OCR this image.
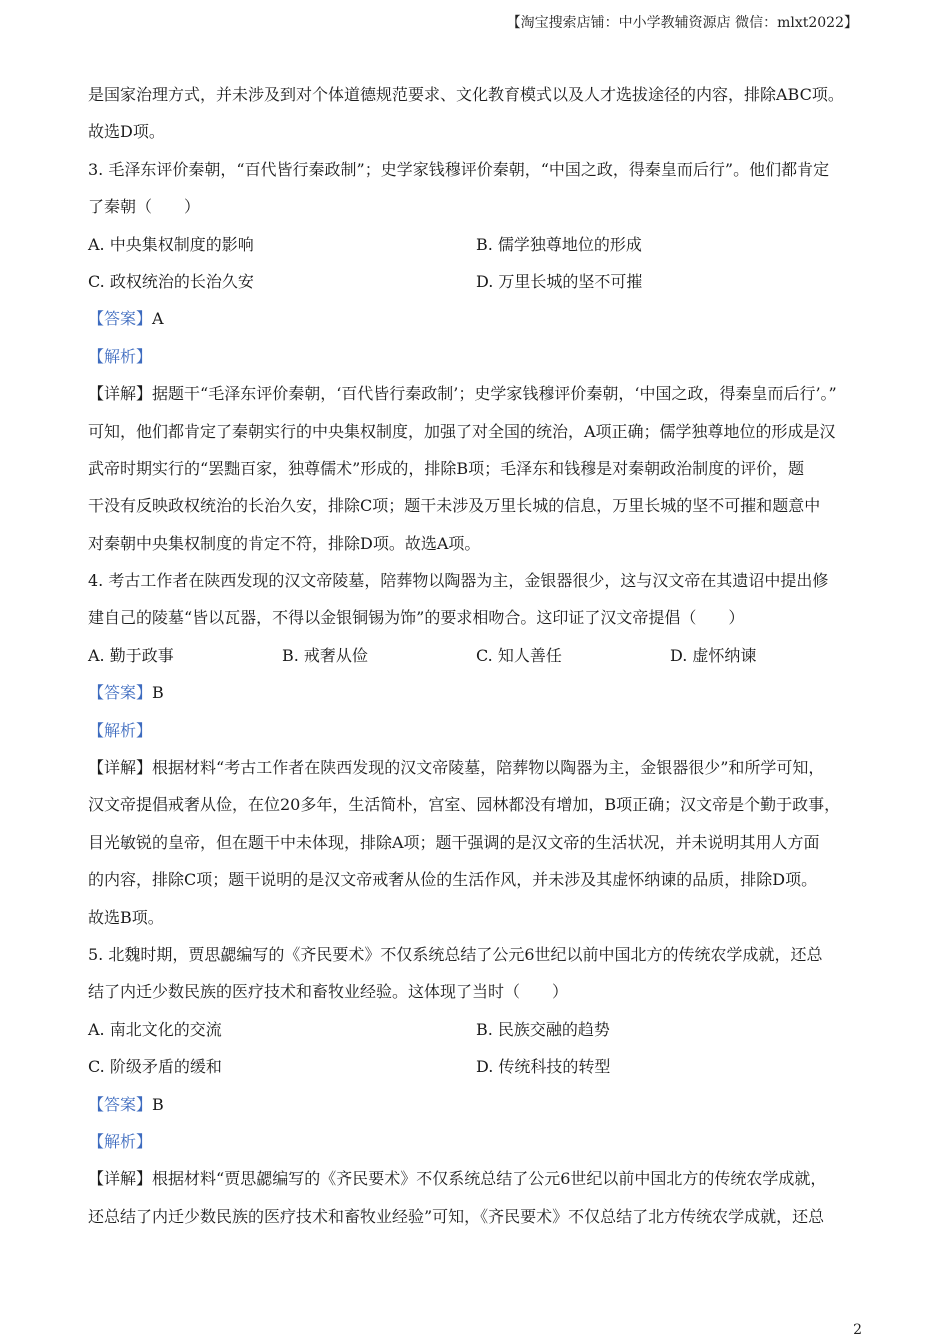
【淘宝搜索店铺：中小学教辅资源店 微信：mlxt2022】
是国家治理方式，并未涉及到对个体道德规范要求、文化教育模式以及人才选拔途径的内容，排除ABC项。
故选D项。
3. 毛泽东评价秦朝，“百代皆行秦政制”；史学家钱穆评价秦朝，“中国之政，得秦皇而后行”。他们都肯定
了秦朝（　　）
A. 中央集权制度的影响	B. 儒学独尊地位的形成
C. 政权统治的长治久安	D. 万里长城的坚不可摧
【答案】A
【解析】
【详解】据题干“毛泽东评价秦朝，‘百代皆行秦政制’；史学家钱穆评价秦朝，‘中国之政，得秦皇而后行’。”
可知，他们都肯定了秦朝实行的中央集权制度，加强了对全国的统治，A项正确；儒学独尊地位的形成是汉
武帝时期实行的“罢黜百家，独尊儒术”形成的，排除B项；毛泽东和钱穆是对秦朝政治制度的评价，题
干没有反映政权统治的长治久安，排除C项；题干未涉及万里长城的信息，万里长城的坚不可摧和题意中
对秦朝中央集权制度的肯定不符，排除D项。故选A项。
4. 考古工作者在陕西发现的汉文帝陵墓，陪葬物以陶器为主，金银器很少，这与汉文帝在其遗诏中提出修
建自己的陵墓“皆以瓦器，不得以金银铜锡为饰”的要求相吻合。这印证了汉文帝提倡（　　）
A. 勤于政事	B. 戒奢从俭	C. 知人善任	D. 虚怀纳谏
【答案】B
【解析】
【详解】根据材料“考古工作者在陕西发现的汉文帝陵墓，陪葬物以陶器为主，金银器很少”和所学可知，
汉文帝提倡戒奢从俭，在位20多年，生活简朴，宫室、园林都没有增加，B项正确；汉文帝是个勤于政事，
目光敏锐的皇帝，但在题干中未体现，排除A项；题干强调的是汉文帝的生活状况，并未说明其用人方面
的内容，排除C项；题干说明的是汉文帝戒奢从俭的生活作风，并未涉及其虚怀纳谏的品质，排除D项。
故选B项。
5. 北魏时期，贾思勰编写的《齐民要术》不仅系统总结了公元6世纪以前中国北方的传统农学成就，还总
结了内迁少数民族的医疗技术和畜牧业经验。这体现了当时（　　）
A. 南北文化的交流	B. 民族交融的趋势
C. 阶级矛盾的缓和	D. 传统科技的转型
【答案】B
【解析】
【详解】根据材料“贾思勰编写的《齐民要术》不仅系统总结了公元6世纪以前中国北方的传统农学成就，
还总结了内迁少数民族的医疗技术和畜牧业经验”可知，《齐民要术》不仅总结了北方传统农学成就，还总
2
